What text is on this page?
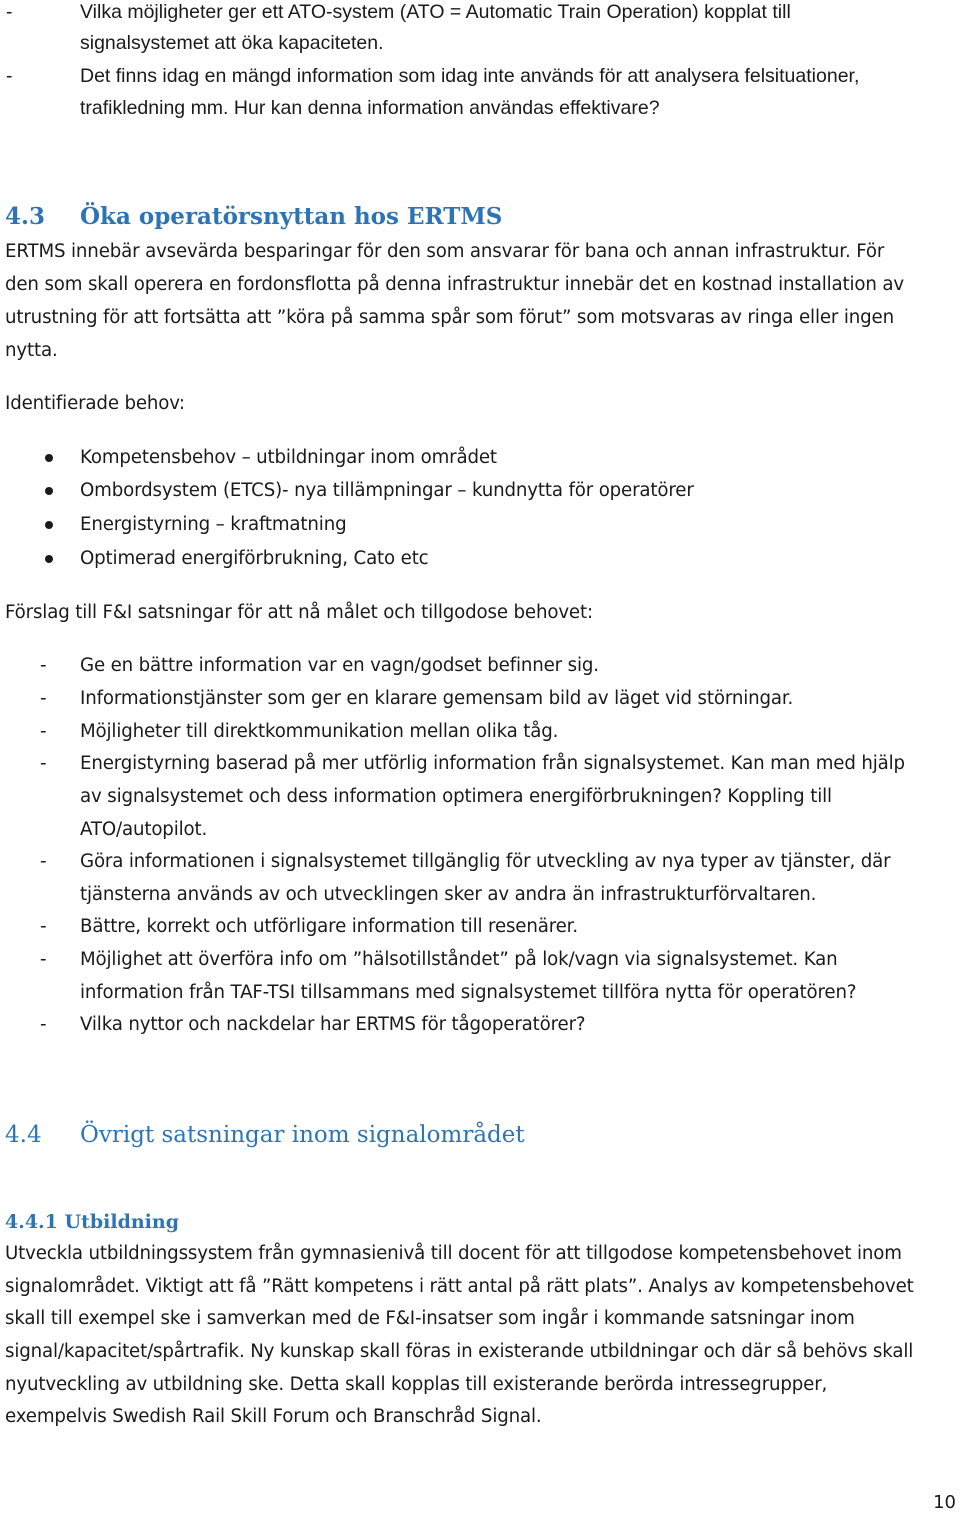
-	Vilka möjligheter ger ett ATO-system (ATO = Automatic Train Operation) kopplat till
signalsystemet att öka kapaciteten.
-	Det finns idag en mängd information som idag inte används för att analysera felsituationer,
trafikledning mm. Hur kan denna information användas effektivare?
4.3 Öka operatörsnyttan hos ERTMS
ERTMS innebär avsevärda besparingar för den som ansvarar för bana och annan infrastruktur. För
den som skall operera en fordonsflotta på denna infrastruktur innebär det en kostnad installation av
utrustning för att fortsätta att ”köra på samma spår som förut” som motsvaras av ringa eller ingen
nytta.
Identifierade behov:
Kompetensbehov – utbildningar inom området
Ombordsystem (ETCS)- nya tillämpningar – kundnytta för operatörer
Energistyrning – kraftmatning
Optimerad energiförbrukning, Cato etc
Förslag till F&I satsningar för att nå målet och tillgodose behovet:
- Ge en bättre information var en vagn/godset befinner sig.
- Informationstjänster som ger en klarare gemensam bild av läget vid störningar.
- Möjligheter till direktkommunikation mellan olika tåg.
- Energistyrning baserad på mer utförlig information från signalsystemet. Kan man med hjälp
av signalsystemet och dess information optimera energiförbrukningen? Koppling till
ATO/autopilot.
- Göra informationen i signalsystemet tillgänglig för utveckling av nya typer av tjänster, där
tjänsterna används av och utvecklingen sker av andra än infrastrukturförvaltaren.
- Bättre, korrekt och utförligare information till resenärer.
- Möjlighet att överföra info om ”hälsotillståndet” på lok/vagn via signalsystemet. Kan
information från TAF-TSI tillsammans med signalsystemet tillföra nytta för operatören?
- Vilka nyttor och nackdelar har ERTMS för tågoperatörer?
4.4 Övrigt satsningar inom signalområdet
4.4.1 Utbildning
Utveckla utbildningssystem från gymnasienivå till docent för att tillgodose kompetensbehovet inom
signalområdet. Viktigt att få ”Rätt kompetens i rätt antal på rätt plats”. Analys av kompetensbehovet
skall till exempel ske i samverkan med de F&I-insatser som ingår i kommande satsningar inom
signal/kapacitet/spårtrafik. Ny kunskap skall föras in existerande utbildningar och där så behövs skall
nyutveckling av utbildning ske. Detta skall kopplas till existerande berörda intressegrupper,
exempelvis Swedish Rail Skill Forum och Branschråd Signal.
10
